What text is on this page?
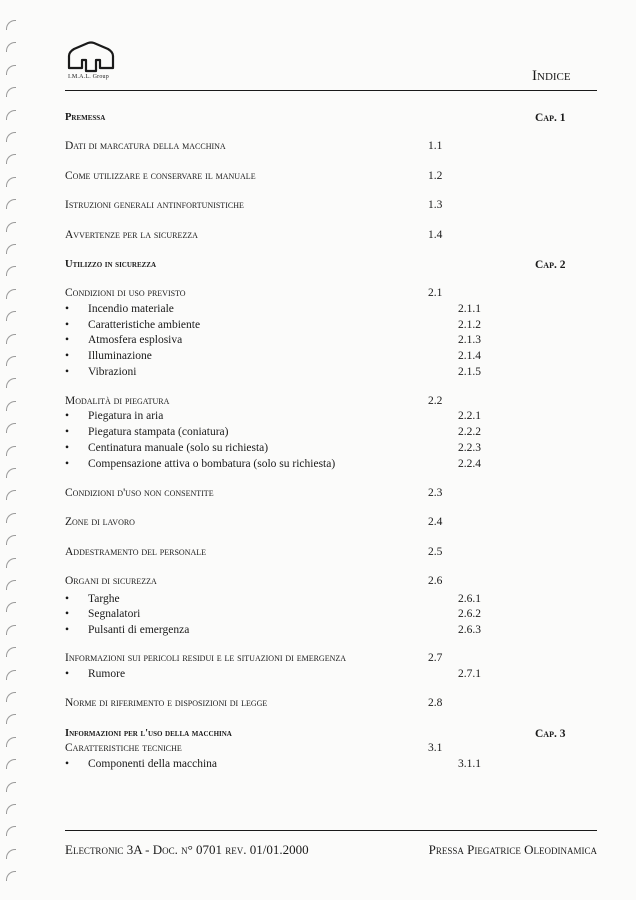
I.M.A.L. Group	Indice
Premessa	Cap. 1
Dati di marcatura della macchina	1.1
Come utilizzare e conservare il manuale	1.2
Istruzioni generali antinfortunistiche	1.3
Avvertenze per la sicurezza	1.4
Utilizzo in sicurezza	Cap. 2
Condizioni di uso previsto	2.1
• Incendio materiale	2.1.1
• Caratteristiche ambiente	2.1.2
• Atmosfera esplosiva	2.1.3
• Illuminazione	2.1.4
• Vibrazioni	2.1.5
Modalità di piegatura	2.2
• Piegatura in aria	2.2.1
• Piegatura stampata (coniatura)	2.2.2
• Centinatura manuale (solo su richiesta)	2.2.3
• Compensazione attiva o bombatura (solo su richiesta)	2.2.4
Condizioni d'uso non consentite	2.3
Zone di lavoro	2.4
Addestramento del personale	2.5
Organi di sicurezza	2.6
• Targhe	2.6.1
• Segnalatori	2.6.2
• Pulsanti di emergenza	2.6.3
Informazioni sui pericoli residui e le situazioni di emergenza	2.7
• Rumore	2.7.1
Norme di riferimento e disposizioni di legge	2.8
Informazioni per l'uso della macchina	Cap. 3
Caratteristiche tecniche	3.1
• Componenti della macchina	3.1.1
Electronic 3A - Doc. n° 0701 rev. 01/01.2000	Pressa Piegatrice Oleodinamica
